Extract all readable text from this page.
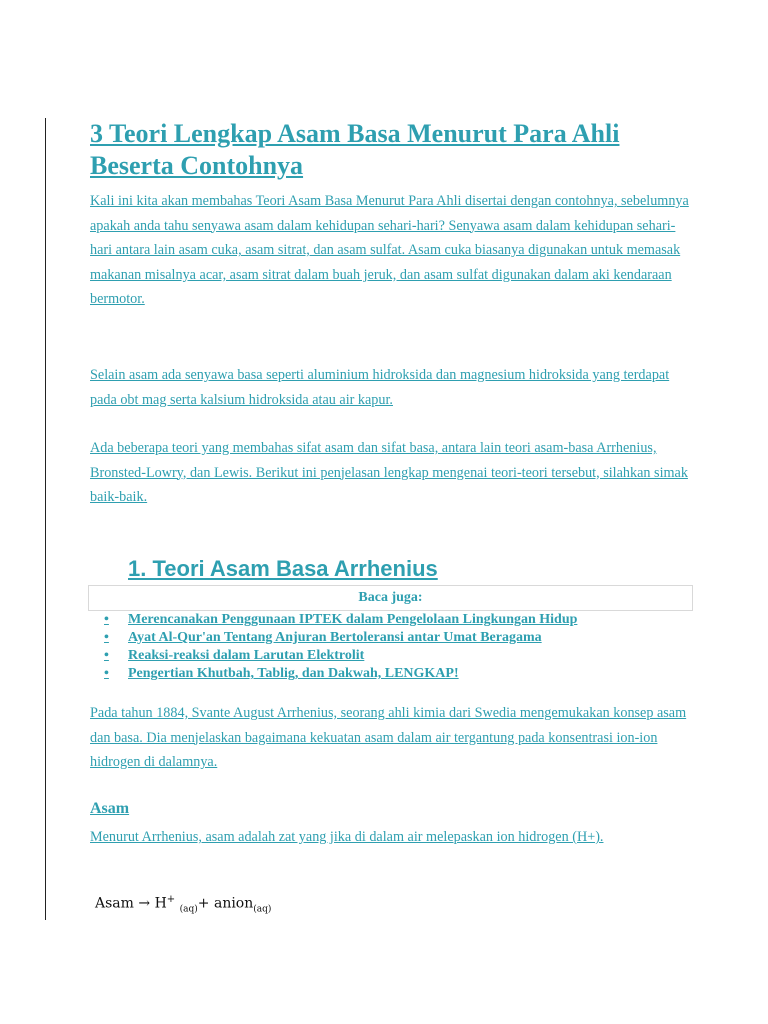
3 Teori Lengkap Asam Basa Menurut Para Ahli Beserta Contohnya

Kali ini kita akan membahas Teori Asam Basa Menurut Para Ahli disertai dengan contohnya, sebelumnya apakah anda tahu senyawa asam dalam kehidupan sehari-hari? Senyawa asam dalam kehidupan sehari-hari antara lain asam cuka, asam sitrat, dan asam sulfat. Asam cuka biasanya digunakan untuk memasak makanan misalnya acar, asam sitrat dalam buah jeruk, dan asam sulfat digunakan dalam aki kendaraan bermotor.

Selain asam ada senyawa basa seperti aluminium hidroksida dan magnesium hidroksida yang terdapat pada obt mag serta kalsium hidroksida atau air kapur.

Ada beberapa teori yang membahas sifat asam dan sifat basa, antara lain teori asam-basa Arrhenius, Bronsted-Lowry, dan Lewis. Berikut ini penjelasan lengkap mengenai teori-teori tersebut, silahkan simak baik-baik.

1. Teori Asam Basa Arrhenius
Baca juga:
• Merencanakan Penggunaan IPTEK dalam Pengelolaan Lingkungan Hidup
• Ayat Al-Qur'an Tentang Anjuran Bertoleransi antar Umat Beragama
• Reaksi-reaksi dalam Larutan Elektrolit
• Pengertian Khutbah, Tablig, dan Dakwah, LENGKAP!

Pada tahun 1884, Svante August Arrhenius, seorang ahli kimia dari Swedia mengemukakan konsep asam dan basa. Dia menjelaskan bagaimana kekuatan asam dalam air tergantung pada konsentrasi ion-ion hidrogen di dalamnya.

Asam

Menurut Arrhenius, asam adalah zat yang jika di dalam air melepaskan ion hidrogen (H+).

Asam → H+ $_{(aq)}$+ anion$_{(aq)}$
